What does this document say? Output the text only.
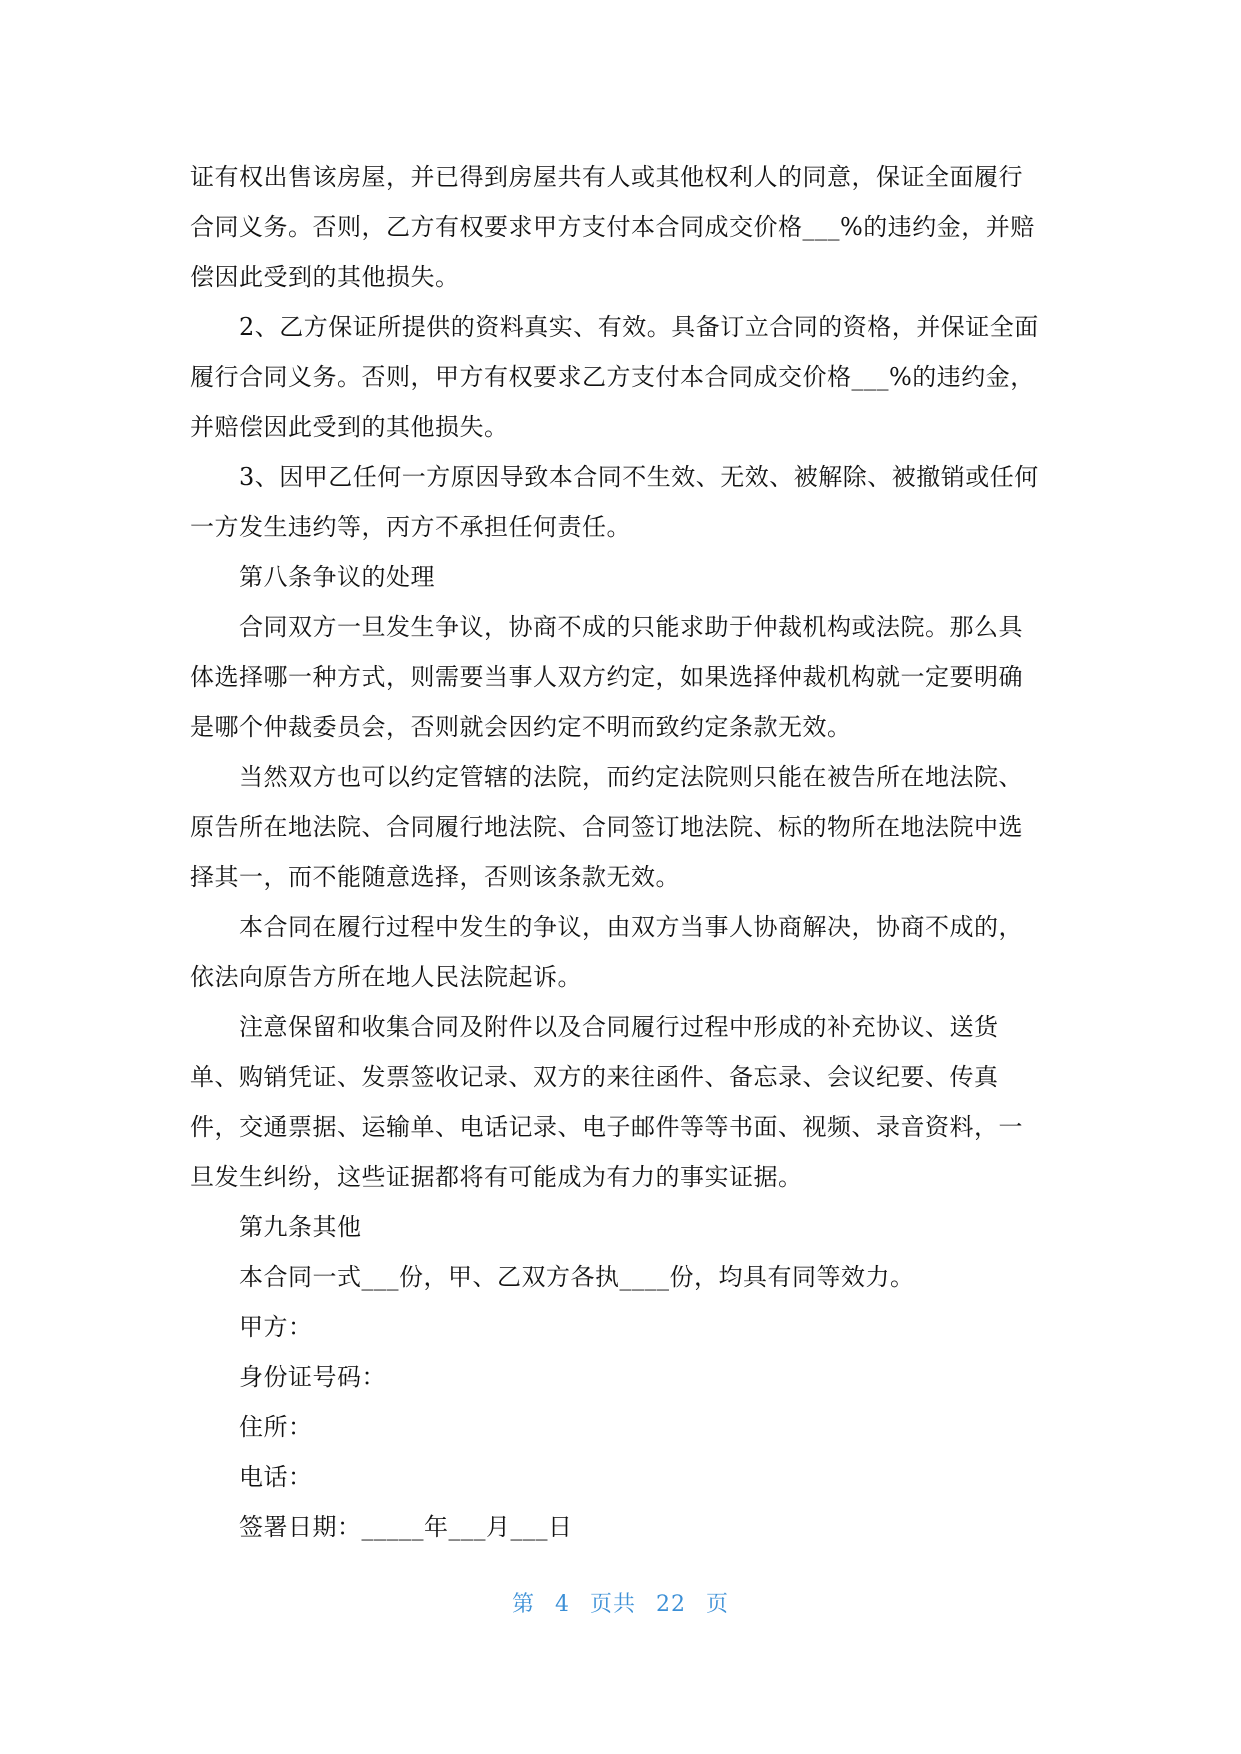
证有权出售该房屋，并已得到房屋共有人或其他权利人的同意，保证全面履行
合同义务。否则，乙方有权要求甲方支付本合同成交价格___%的违约金，并赔
偿因此受到的其他损失。
2、乙方保证所提供的资料真实、有效。具备订立合同的资格，并保证全面
履行合同义务。否则，甲方有权要求乙方支付本合同成交价格___%的违约金，
并赔偿因此受到的其他损失。
3、因甲乙任何一方原因导致本合同不生效、无效、被解除、被撤销或任何
一方发生违约等，丙方不承担任何责任。
第八条争议的处理
合同双方一旦发生争议，协商不成的只能求助于仲裁机构或法院。那么具
体选择哪一种方式，则需要当事人双方约定，如果选择仲裁机构就一定要明确
是哪个仲裁委员会，否则就会因约定不明而致约定条款无效。
当然双方也可以约定管辖的法院，而约定法院则只能在被告所在地法院、
原告所在地法院、合同履行地法院、合同签订地法院、标的物所在地法院中选
择其一，而不能随意选择，否则该条款无效。
本合同在履行过程中发生的争议，由双方当事人协商解决，协商不成的，
依法向原告方所在地人民法院起诉。
注意保留和收集合同及附件以及合同履行过程中形成的补充协议、送货
单、购销凭证、发票签收记录、双方的来往函件、备忘录、会议纪要、传真
件，交通票据、运输单、电话记录、电子邮件等等书面、视频、录音资料，一
旦发生纠纷，这些证据都将有可能成为有力的事实证据。
第九条其他
本合同一式___份，甲、乙双方各执____份，均具有同等效力。
甲方：
身份证号码：
住所：
电话：
签署日期：_____年___月___日
第 4 页共 22 页
